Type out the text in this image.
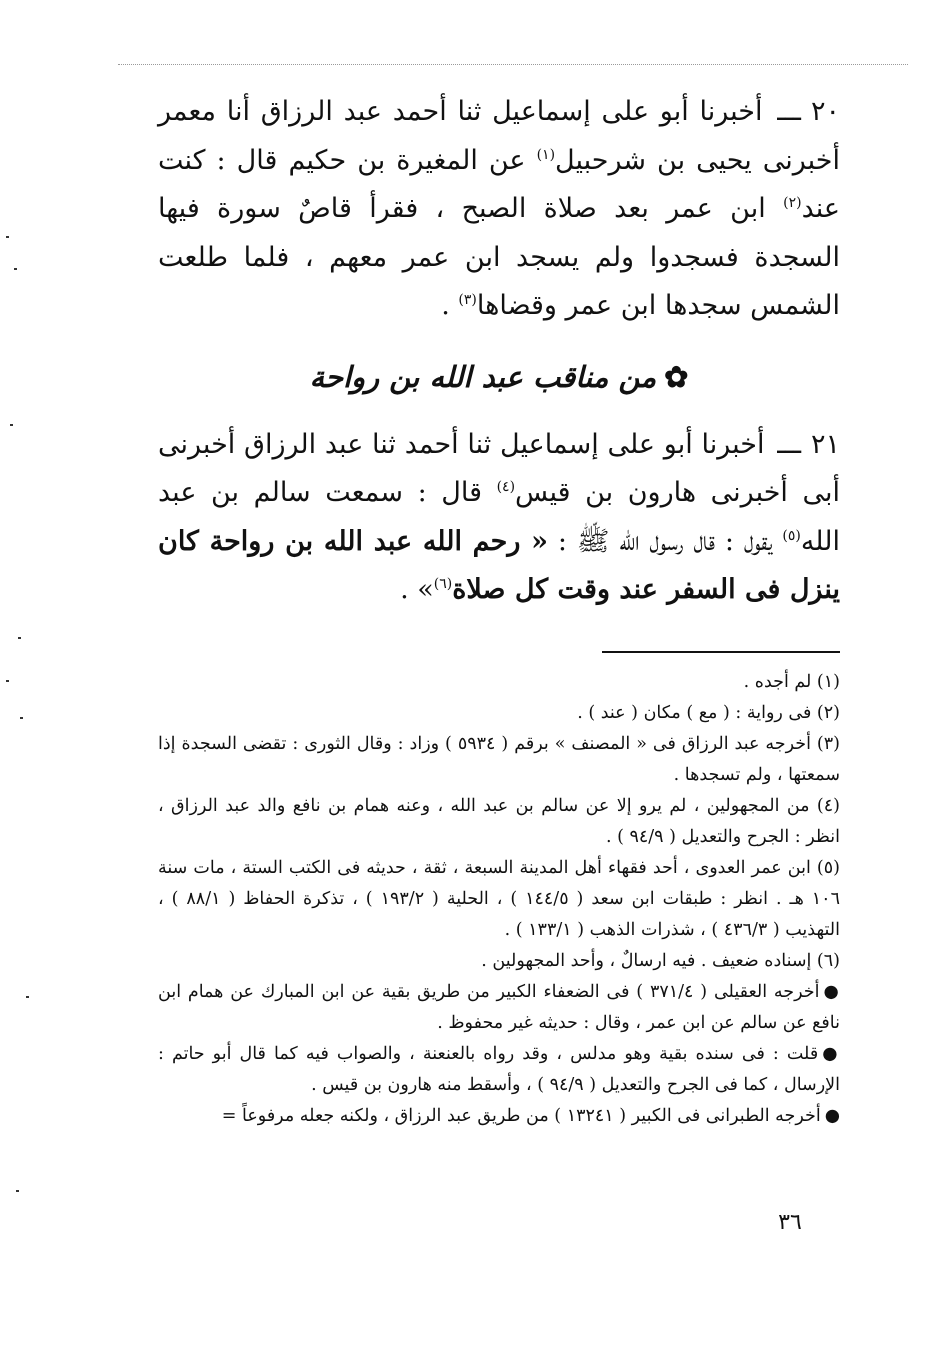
٢٠ـــ أخبرنا أبو على إسماعيل ثنا أحمد عبد الرزاق أنا معمر أخبرنى يحيى بن شرحبيل$^{(١)}$ عن المغيرة بن حكيم قال : كنت عند$^{(٢)}$ ابن عمر بعد صلاة الصبح ، فقرأ قاصٌ سورة فيها السجدة فسجدوا ولم يسجد ابن عمر معهم ، فلما طلعت الشمس سجدها ابن عمر وقضاها$^{(٣)}$ .

✿من مناقب عبد الله بن رواحة

٢١ـــ أخبرنا أبو على إسماعيل ثنا أحمد ثنا عبد الرزاق أخبرنى أبى أخبرنى هارون بن قيس$^{(٤)}$ قال : سمعت سالم بن عبد الله$^{(٥)}$ يقول : قال رسول الله ﷺ : « رحم الله عبد الله بن رواحة كان ينزل فى السفر عند وقت كل صلاة$^{(٦)}$» .

(١) لم أجده .

(٢) فى رواية : ( مع ) مكان ( عند ) .

(٣) أخرجه عبد الرزاق فى « المصنف » برقم ( ٥٩٣٤ ) وزاد : وقال الثورى : تقضى السجدة إذا سمعتها ، ولم تسجدها .

(٤) من المجهولين ، لم يرو إلا عن سالم بن عبد الله ، وعنه همام بن نافع والد عبد الرزاق ، انظر : الجرح والتعديل ( ٩٤/٩ ) .

(٥) ابن عمر العدوى ، أحد فقهاء أهل المدينة السبعة ، ثقة ، حديثه فى الكتب الستة ، مات سنة ١٠٦ هـ . انظر : طبقات ابن سعد ( ١٤٤/٥ ) ، الحلية ( ١٩٣/٢ ) ، تذكرة الحفاظ ( ٨٨/١ ) ، التهذيب ( ٤٣٦/٣ ) ، شذرات الذهب ( ١٣٣/١ ) .

(٦) إسناده ضعيف . فيه ارسالٌ ، وأحد المجهولين .

●أخرجه العقيلى ( ٣٧١/٤ ) فى الضعفاء الكبير من طريق بقية عن ابن المبارك عن همام ابن نافع عن سالم عن ابن عمر ، وقال : حديثه غير محفوظ .

●قلت : فى سنده بقية وهو مدلس ، وقد رواه بالعنعنة ، والصواب فيه كما قال أبو حاتم : الإرسال ، كما فى الجرح والتعديل ( ٩٤/٩ ) ، وأسقط منه هارون بن قيس .

●أخرجه الطبرانى فى الكبير ( ١٣٢٤١ ) من طريق عبد الرزاق ، ولكنه جعله مرفوعاً =

٣٦
